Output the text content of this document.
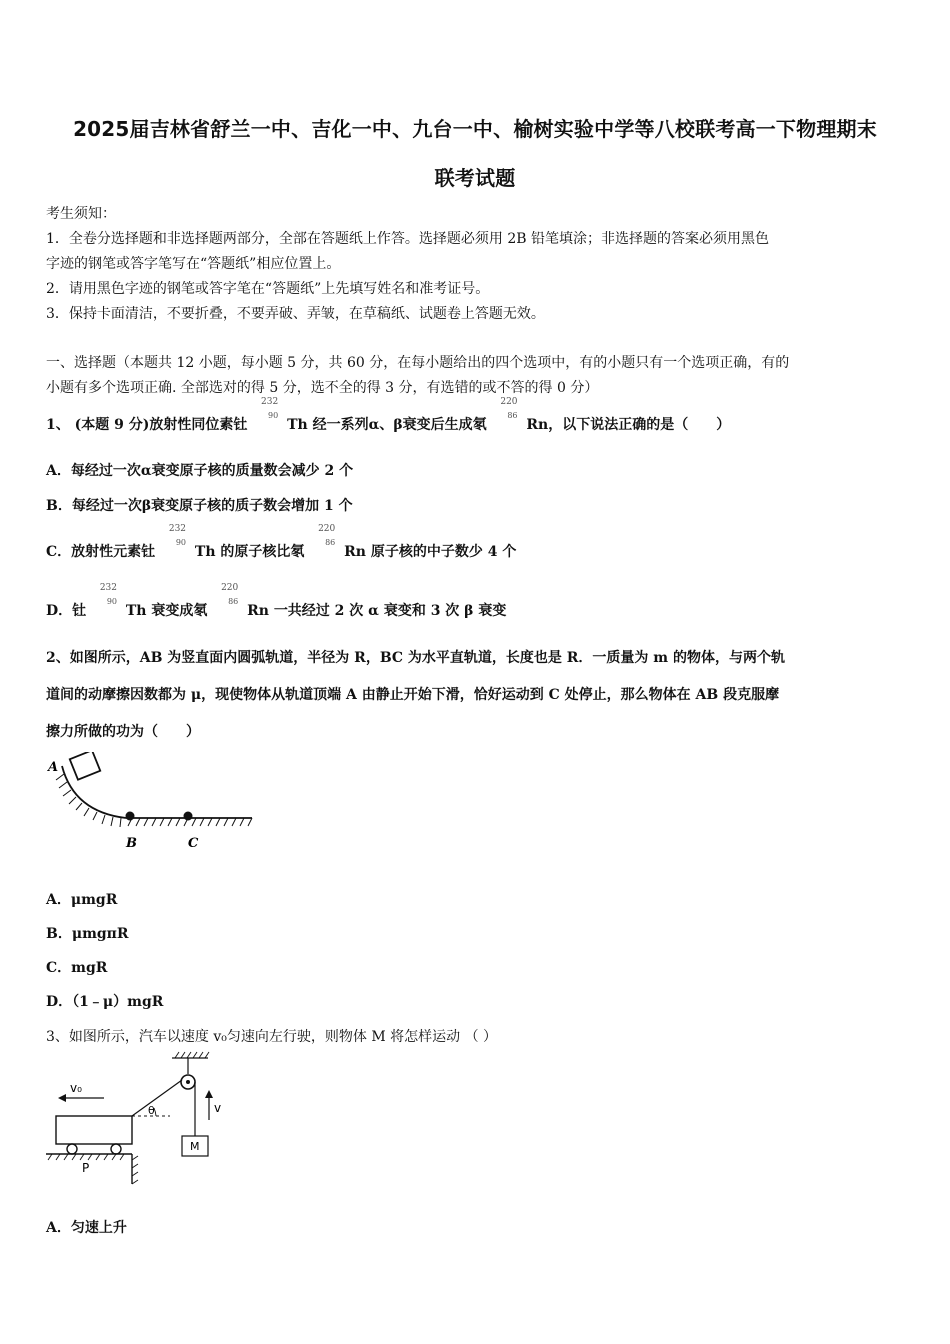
2025届吉林省舒兰一中、吉化一中、九台一中、榆树实验中学等八校联考高一下物理期末
联考试题
考生须知：
1．全卷分选择题和非选择题两部分，全部在答题纸上作答。选择题必须用 2B 铅笔填涂；非选择题的答案必须用黑色
字迹的钢笔或答字笔写在“答题纸”相应位置上。
2．请用黑色字迹的钢笔或答字笔在“答题纸”上先填写姓名和准考证号。
3．保持卡面清洁，不要折叠，不要弄破、弄皱，在草稿纸、试题卷上答题无效。
一、选择题（本题共 12 小题，每小题 5 分，共 60 分，在每小题给出的四个选项中，有的小题只有一个选项正确，有的
小题有多个选项正确. 全部选对的得 5 分，选不全的得 3 分，有选错的或不答的得 0 分）
1、 (本题 9 分)放射性同位素钍
232
90
Th 经一系列α、β衰变后生成氡
220
86
Rn，以下说法正确的是（　　）
A．每经过一次α衰变原子核的质量数会减少 2 个
B．每经过一次β衰变原子核的质子数会增加 1 个
C．放射性元素钍
232
90
Th 的原子核比氡
220
86
Rn 原子核的中子数少 4 个
D．钍
232
90
Th 衰变成氡
220
86
Rn 一共经过 2 次 α 衰变和 3 次 β 衰变
2、如图所示，AB 为竖直面内圆弧轨道，半径为 R，BC 为水平直轨道，长度也是 R．一质量为 m 的物体，与两个轨
道间的动摩擦因数都为 μ，现使物体从轨道顶端 A 由静止开始下滑，恰好运动到 C 处停止，那么物体在 AB 段克服摩
擦力所做的功为（　　）
A
B	C
A．μmgR
B．μmgπR
C．mgR
D．（1﹣μ）mgR
3、如图所示，汽车以速度 v₀匀速向左行驶，则物体 M 将怎样运动 （ ）
v₀
θ	v
M
P
A．匀速上升
